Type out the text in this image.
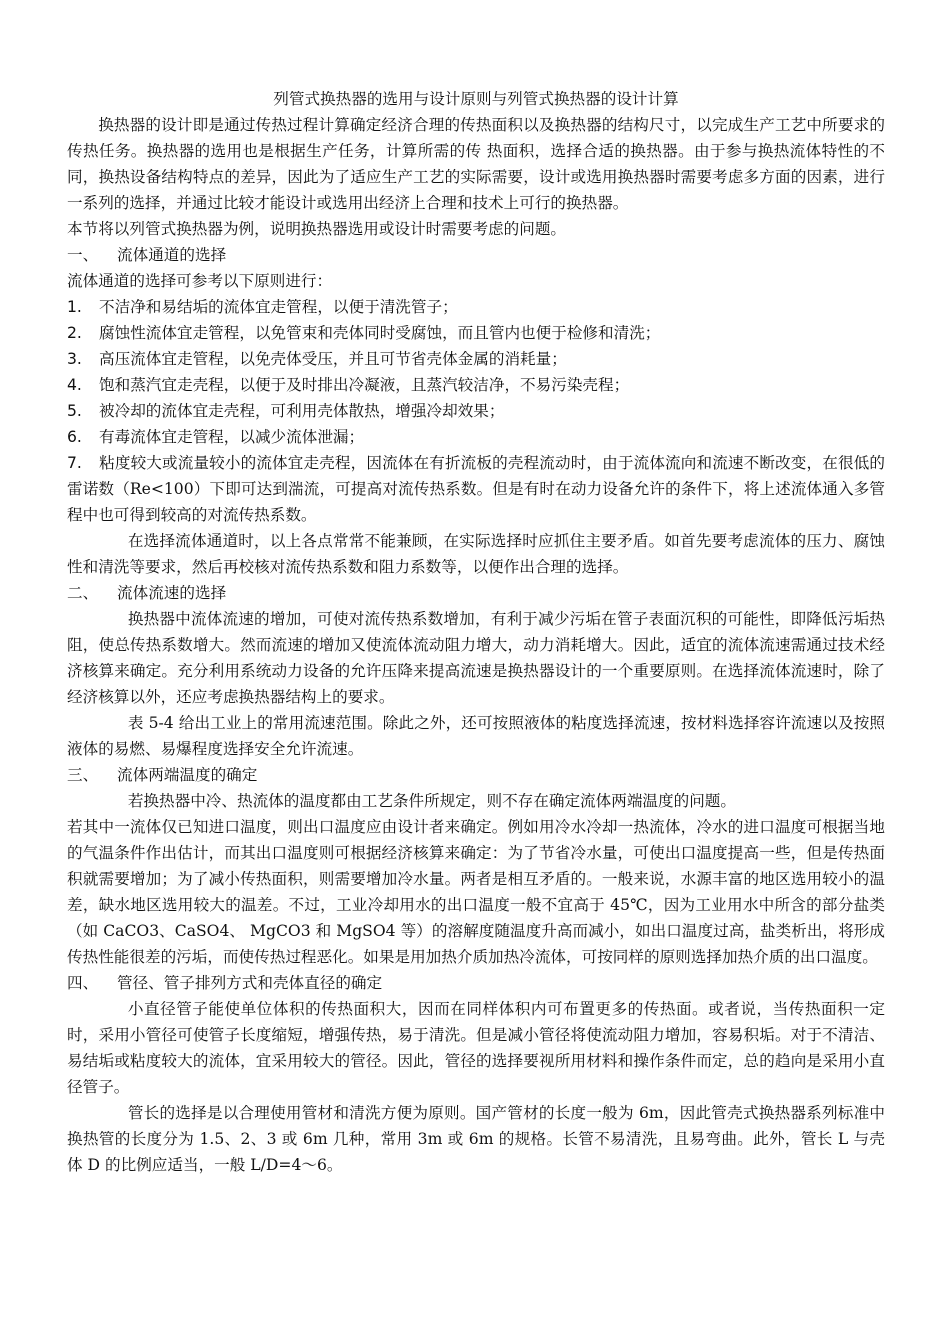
列管式换热器的选用与设计原则与列管式换热器的设计计算

换热器的设计即是通过传热过程计算确定经济合理的传热面积以及换热器的结构尺寸，以完成生产工艺中所要求的传热任务。换热器的选用也是根据生产任务，计算所需的传 热面积，选择合适的换热器。由于参与换热流体特性的不同，换热设备结构特点的差异，因此为了适应生产工艺的实际需要，设计或选用换热器时需要考虑多方面的因素，进行一系列的选择，并通过比较才能设计或选用出经济上合理和技术上可行的换热器。

本节将以列管式换热器为例，说明换热器选用或设计时需要考虑的问题。

一、 流体通道的选择

流体通道的选择可参考以下原则进行：

1. 不洁净和易结垢的流体宜走管程，以便于清洗管子；

2. 腐蚀性流体宜走管程，以免管束和壳体同时受腐蚀，而且管内也便于检修和清洗；

3. 高压流体宜走管程，以免壳体受压，并且可节省壳体金属的消耗量；

4. 饱和蒸汽宜走壳程，以便于及时排出冷凝液，且蒸汽较洁净，不易污染壳程；

5. 被冷却的流体宜走壳程，可利用壳体散热，增强冷却效果；

6. 有毒流体宜走管程，以减少流体泄漏；

7. 粘度较大或流量较小的流体宜走壳程，因流体在有折流板的壳程流动时，由于流体流向和流速不断改变，在很低的雷诺数（Re<100）下即可达到湍流，可提高对流传热系数。但是有时在动力设备允许的条件下，将上述流体通入多管程中也可得到较高的对流传热系数。

在选择流体通道时，以上各点常常不能兼顾，在实际选择时应抓住主要矛盾。如首先要考虑流体的压力、腐蚀性和清洗等要求，然后再校核对流传热系数和阻力系数等，以便作出合理的选择。

二、 流体流速的选择

换热器中流体流速的增加，可使对流传热系数增加，有利于减少污垢在管子表面沉积的可能性，即降低污垢热阻，使总传热系数增大。然而流速的增加又使流体流动阻力增大，动力消耗增大。因此，适宜的流体流速需通过技术经济核算来确定。充分利用系统动力设备的允许压降来提高流速是换热器设计的一个重要原则。在选择流体流速时，除了经济核算以外，还应考虑换热器结构上的要求。

表 5-4 给出工业上的常用流速范围。除此之外，还可按照液体的粘度选择流速，按材料选择容许流速以及按照液体的易燃、易爆程度选择安全允许流速。

三、 流体两端温度的确定

若换热器中冷、热流体的温度都由工艺条件所规定，则不存在确定流体两端温度的问题。

若其中一流体仅已知进口温度，则出口温度应由设计者来确定。例如用冷水冷却一热流体，冷水的进口温度可根据当地的气温条件作出估计，而其出口温度则可根据经济核算来确定：为了节省冷水量，可使出口温度提高一些，但是传热面积就需要增加；为了减小传热面积，则需要增加冷水量。两者是相互矛盾的。一般来说，水源丰富的地区选用较小的温差，缺水地区选用较大的温差。不过，工业冷却用水的出口温度一般不宜高于 45℃，因为工业用水中所含的部分盐类（如 CaCO3、CaSO4、 MgCO3 和 MgSO4 等）的溶解度随温度升高而减小，如出口温度过高，盐类析出，将形成传热性能很差的污垢，而使传热过程恶化。如果是用加热介质加热冷流体，可按同样的原则选择加热介质的出口温度。

四、 管径、管子排列方式和壳体直径的确定

小直径管子能使单位体积的传热面积大，因而在同样体积内可布置更多的传热面。或者说，当传热面积一定时，采用小管径可使管子长度缩短，增强传热，易于清洗。但是减小管径将使流动阻力增加，容易积垢。对于不清洁、易结垢或粘度较大的流体，宜采用较大的管径。因此，管径的选择要视所用材料和操作条件而定，总的趋向是采用小直径管子。

管长的选择是以合理使用管材和清洗方便为原则。国产管材的长度一般为 6m，因此管壳式换热器系列标准中换热管的长度分为 1.5、2、3 或 6m 几种，常用 3m 或 6m 的规格。长管不易清洗，且易弯曲。此外，管长 L 与壳体 D 的比例应适当，一般 L/D=4～6。
